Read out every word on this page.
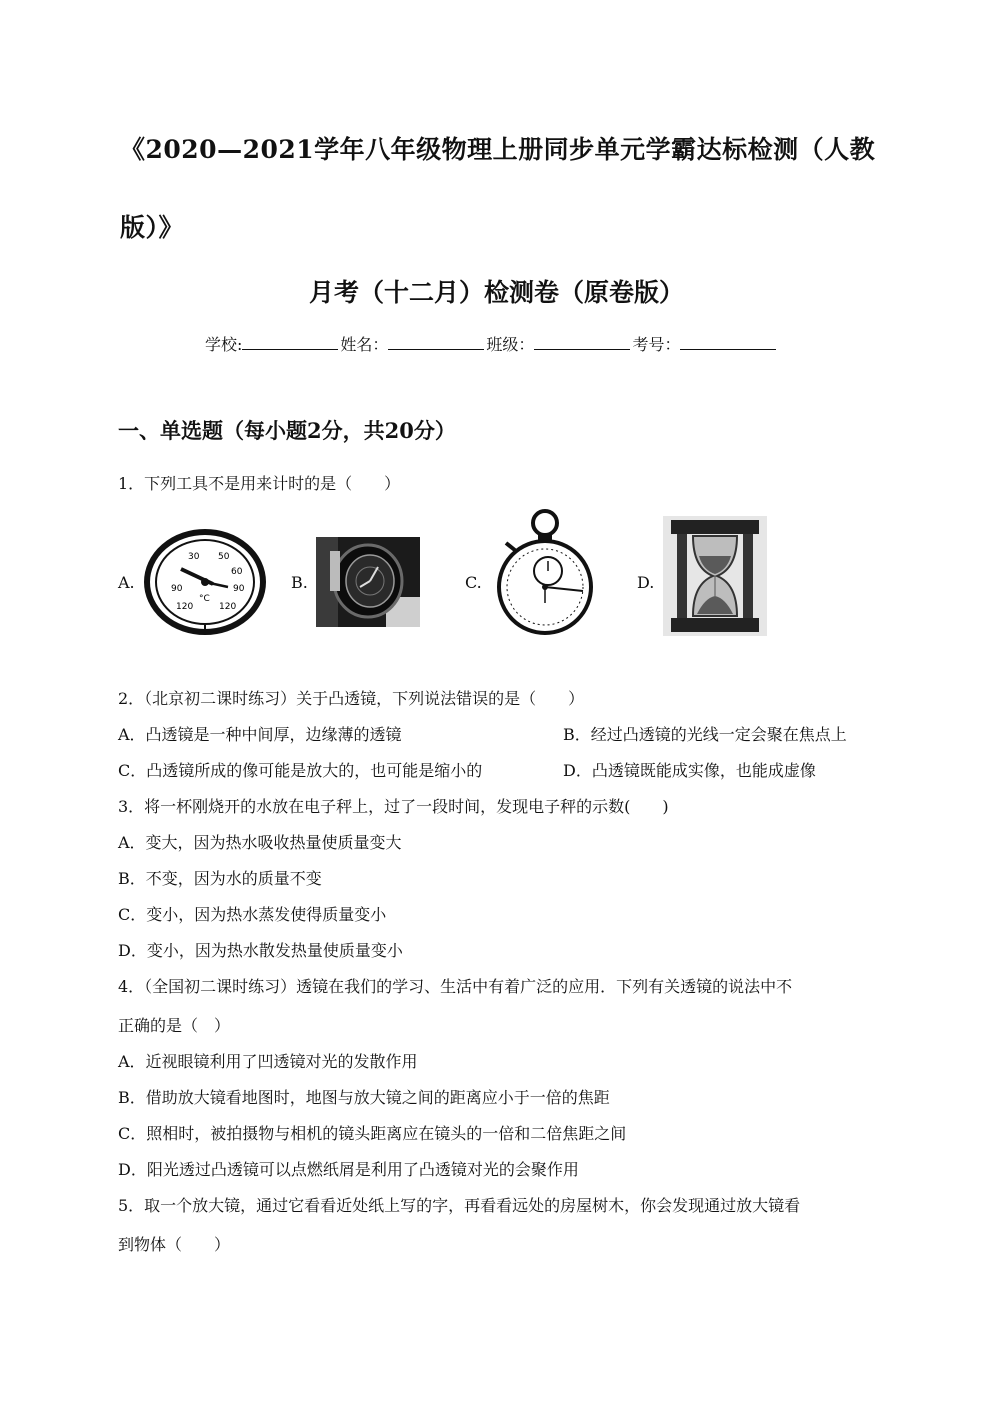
《2020—2021学年八年级物理上册同步单元学霸达标检测（人教
版）》
月考（十二月）检测卷（原卷版）
学校:	姓名：	班级：	考号：
一、单选题（每小题2分，共20分）
1．下列工具不是用来计时的是（　　）
A.	B.	C.	D.
30 50
60
90	90
°C
120	120
2．（北京初二课时练习）关于凸透镜，下列说法错误的是（　　）
A．凸透镜是一种中间厚，边缘薄的透镜	B．经过凸透镜的光线一定会聚在焦点上
C．凸透镜所成的像可能是放大的，也可能是缩小的	D．凸透镜既能成实像，也能成虚像
3．将一杯刚烧开的水放在电子秤上，过了一段时间，发现电子秤的示数(　　)
A．变大，因为热水吸收热量使质量变大
B．不变，因为水的质量不变
C．变小，因为热水蒸发使得质量变小
D．变小，因为热水散发热量使质量变小
4．（全国初二课时练习）透镜在我们的学习、生活中有着广泛的应用．下列有关透镜的说法中不
正确的是（　）
A．近视眼镜利用了凹透镜对光的发散作用
B．借助放大镜看地图时，地图与放大镜之间的距离应小于一倍的焦距
C．照相时，被拍摄物与相机的镜头距离应在镜头的一倍和二倍焦距之间
D．阳光透过凸透镜可以点燃纸屑是利用了凸透镜对光的会聚作用
5．取一个放大镜，通过它看看近处纸上写的字，再看看远处的房屋树木，你会发现通过放大镜看
到物体（　　）
